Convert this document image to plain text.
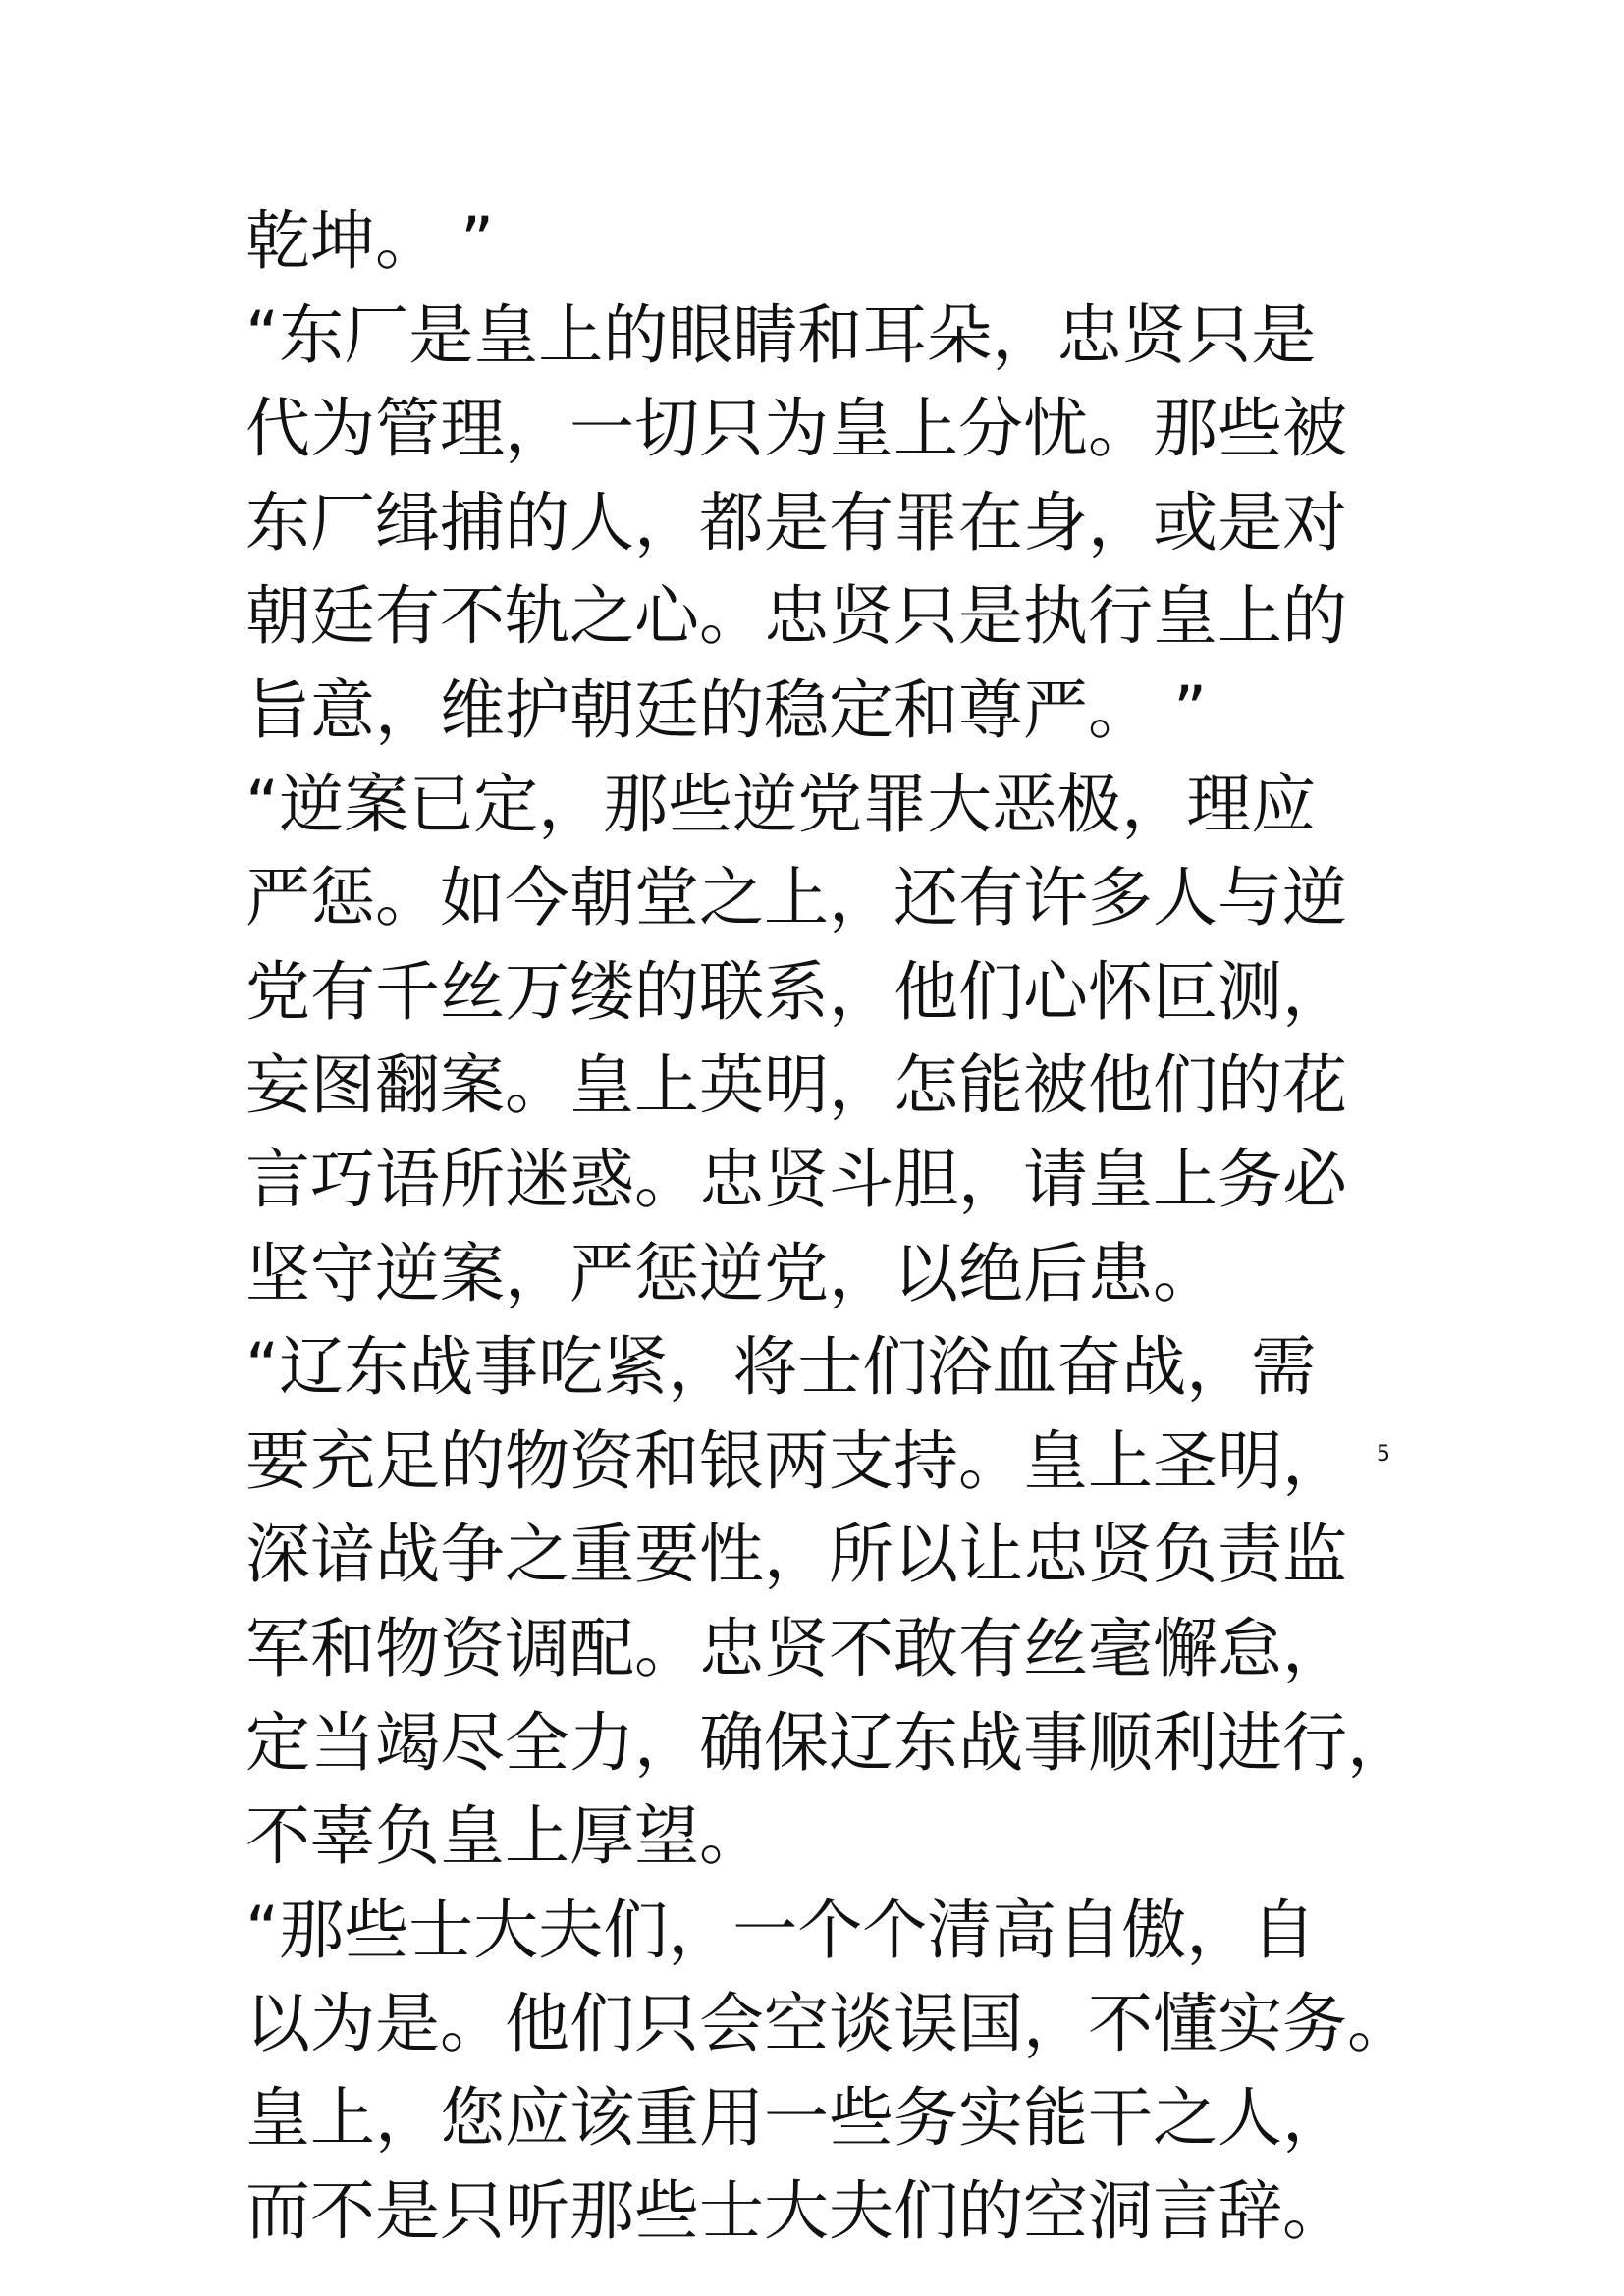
乾坤。 ”
“东厂是皇上的眼睛和耳朵，忠贤只是
代为管理，一切只为皇上分忧。那些被
东厂缉捕的人，都是有罪在身，或是对
朝廷有不轨之心。忠贤只是执行皇上的
旨意，维护朝廷的稳定和尊严。 ”
“逆案已定，那些逆党罪大恶极，理应
严惩。如今朝堂之上，还有许多人与逆
党有千丝万缕的联系，他们心怀叵测，
妄图翻案。皇上英明，怎能被他们的花
言巧语所迷惑。忠贤斗胆，请皇上务必
坚守逆案，严惩逆党，以绝后患。
“辽东战事吃紧，将士们浴血奋战，需
要充足的物资和银两支持。皇上圣明，
深谙战争之重要性，所以让忠贤负责监
军和物资调配。忠贤不敢有丝毫懈怠，
定当竭尽全力，确保辽东战事顺利进行，
不辜负皇上厚望。
“那些士大夫们，一个个清高自傲，自
以为是。他们只会空谈误国，不懂实务。
皇上，您应该重用一些务实能干之人，
而不是只听那些士大夫们的空洞言辞。
5
